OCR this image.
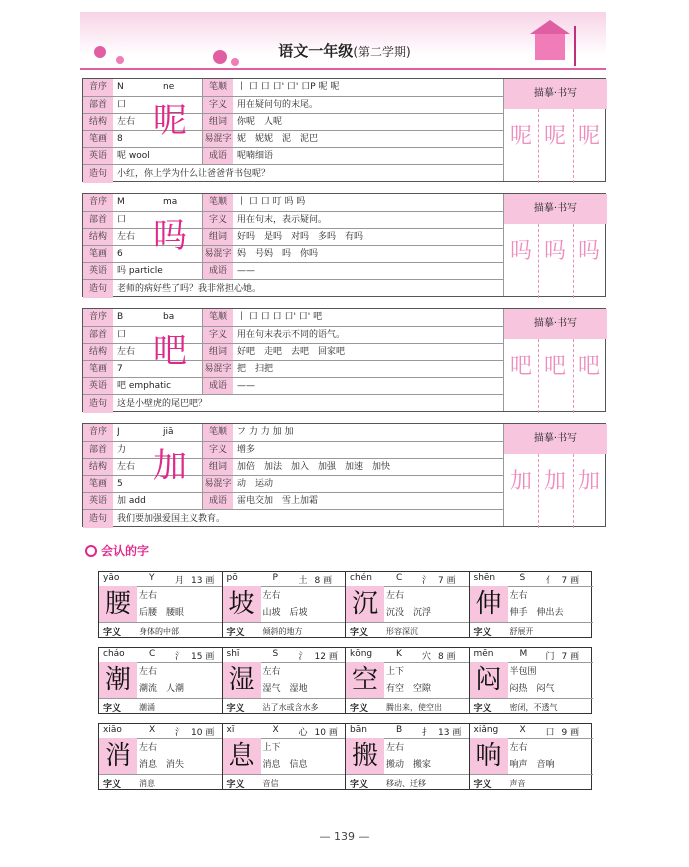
语文一年级(第二学期)
音序	N	ne	笔顺	丨 口 口 口' 口' 口P 呢 呢
部首	口	字义	用在疑问句的末尾。
结构	左右	组词	你呢　人呢
笔画	8	易混字 妮　妮妮　泥　泥巴
英语	呢 wool	成语	呢喃细语
造句	小红，你上学为什么让爸爸背书包呢？
呢
描摹·书写
呢 呢 呢
音序	M	ma	笔顺	丨 口 口 叮 吗 吗
部首	口	字义	用在句末，表示疑问。
结构	左右	组词	好吗　是吗　对吗　多吗　有吗
笔画	6	易混字 妈　号妈　吗　你吗
英语	吗 particle	成语	——
造句	老师的病好些了吗？我非常担心她。
吗
描摹·书写
吗 吗 吗
音序	B	ba	笔顺	丨 口 口 口 口' 口' 吧
部首	口	字义	用在句末表示不同的语气。
结构	左右	组词	好吧　走吧　去吧　回家吧
笔画	7	易混字 把　扫把
英语	吧 emphatic	成语	——
造句	这是小壁虎的尾巴吧？
吧
描摹·书写
吧 吧 吧
音序	J	jiā	笔顺	フ 力 力 加 加
部首	力	字义	增多
结构	左右	组词	加倍　加法　加入　加强　加速　加快
笔画	5	易混字 动　运动
英语	加 add	成语	雷电交加　雪上加霜
造句	我们要加强爱国主义教育。
加
描摹·书写
加 加 加
会认的字
yāo	Y 月 13 画
腰 左右
后腰　腰眼
字义 身体的中部
pō	P 土 8 画
坡 左右
山坡　后坡
字义 倾斜的地方
chén	C 氵 7 画
沉 左右
沉没　沉浮
字义 形容深沉
shēn	S 亻 7 画
伸 左右
伸手　伸出去
字义 舒展开
cháo	C 氵 15 画
潮 左右
潮流　人潮
字义 潮涌
shī	S 氵 12 画
湿 左右
湿气　湿地
字义 沾了水或含水多
kōng	K 穴 8 画
空 上下
有空　空隙
字义 腾出来，使空出
mēn	M 门 7 画
闷 半包围
闷热　闷气
字义 密闭，不透气
xiāo	X 氵 10 画
消 左右
消息　消失
字义 消息
xī	X 心 10 画
息 上下
消息　信息
字义 音信
bān	B 扌 13 画
搬 左右
搬动　搬家
字义 移动、迁移
xiǎng X 口 9 画
响 左右
响声　音响
字义 声音
— 139 —
